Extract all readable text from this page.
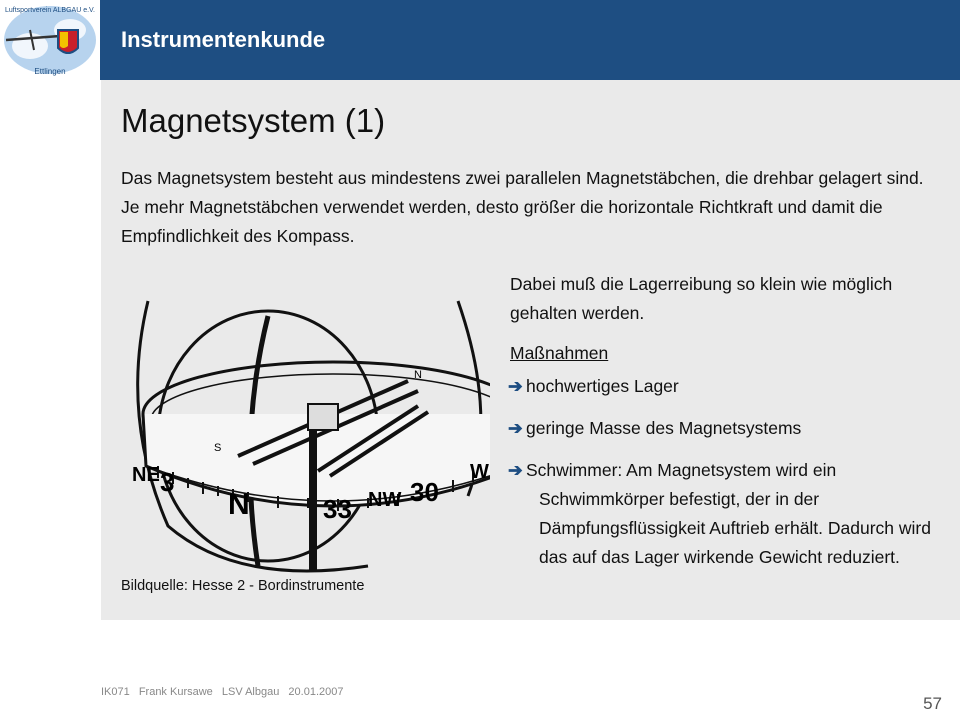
Luftsportverein ALBGAU e.V.
Ettlingen
Instrumentenkunde
Magnetsystem (1)
Das Magnetsystem besteht aus mindestens zwei parallelen Magnetstäbchen, die drehbar gelagert sind. Je mehr Magnetstäbchen verwendet werden, desto größer die horizontale Richtkraft und damit die Empfindlichkeit des Kompass.
NE 3
N	33 NW 30
W
N
S
Bildquelle: Hesse 2 - Bordinstrumente
Dabei muß die Lagerreibung so klein wie möglich gehalten werden.
Maßnahmen
➔ hochwertiges Lager
➔ geringe Masse des Magnetsystems
➔ Schwimmer: Am Magnetsystem wird ein
Schwimmkörper befestigt, der in der Dämpfungsflüssigkeit Auftrieb erhält. Dadurch wird das auf das Lager wirkende Gewicht reduziert.
IK071 Frank Kursawe LSV Albgau 20.01.2007
57
